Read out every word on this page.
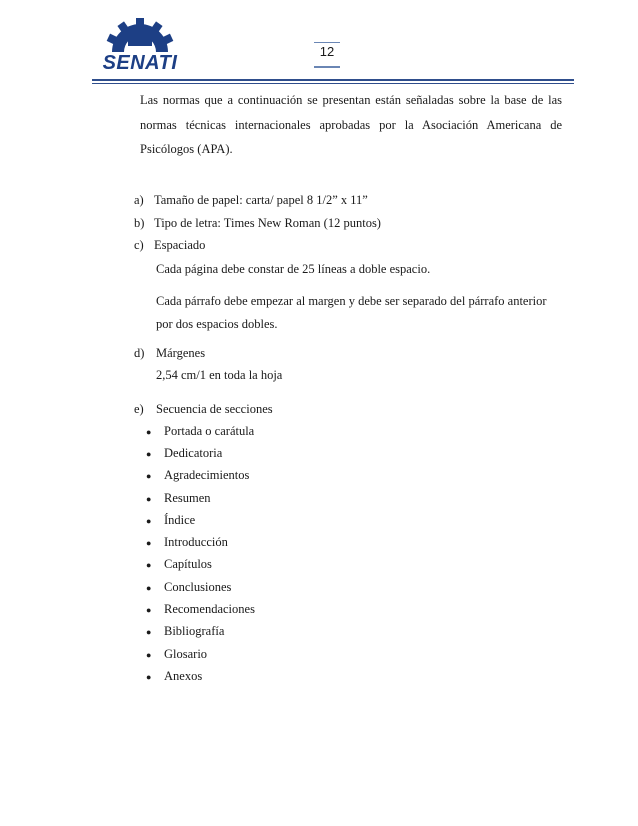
SENATI
12
Las normas que a continuación se presentan están señaladas sobre la base de las normas técnicas internacionales aprobadas por la Asociación Americana de Psicólogos (APA).
a) Tamaño de papel: carta/ papel 8 1/2” x 11”
b) Tipo de letra: Times New Roman (12 puntos)
c) Espaciado
Cada página debe constar de 25 líneas a doble espacio.
Cada párrafo debe empezar al margen y debe ser separado del párrafo anterior
por dos espacios dobles.
d) Márgenes
2,54 cm/1 en toda la hoja
e) Secuencia de secciones
● Portada o carátula
● Dedicatoria
● Agradecimientos
● Resumen
● Índice
● Introducción
● Capítulos
● Conclusiones
● Recomendaciones
● Bibliografía
● Glosario
● Anexos
